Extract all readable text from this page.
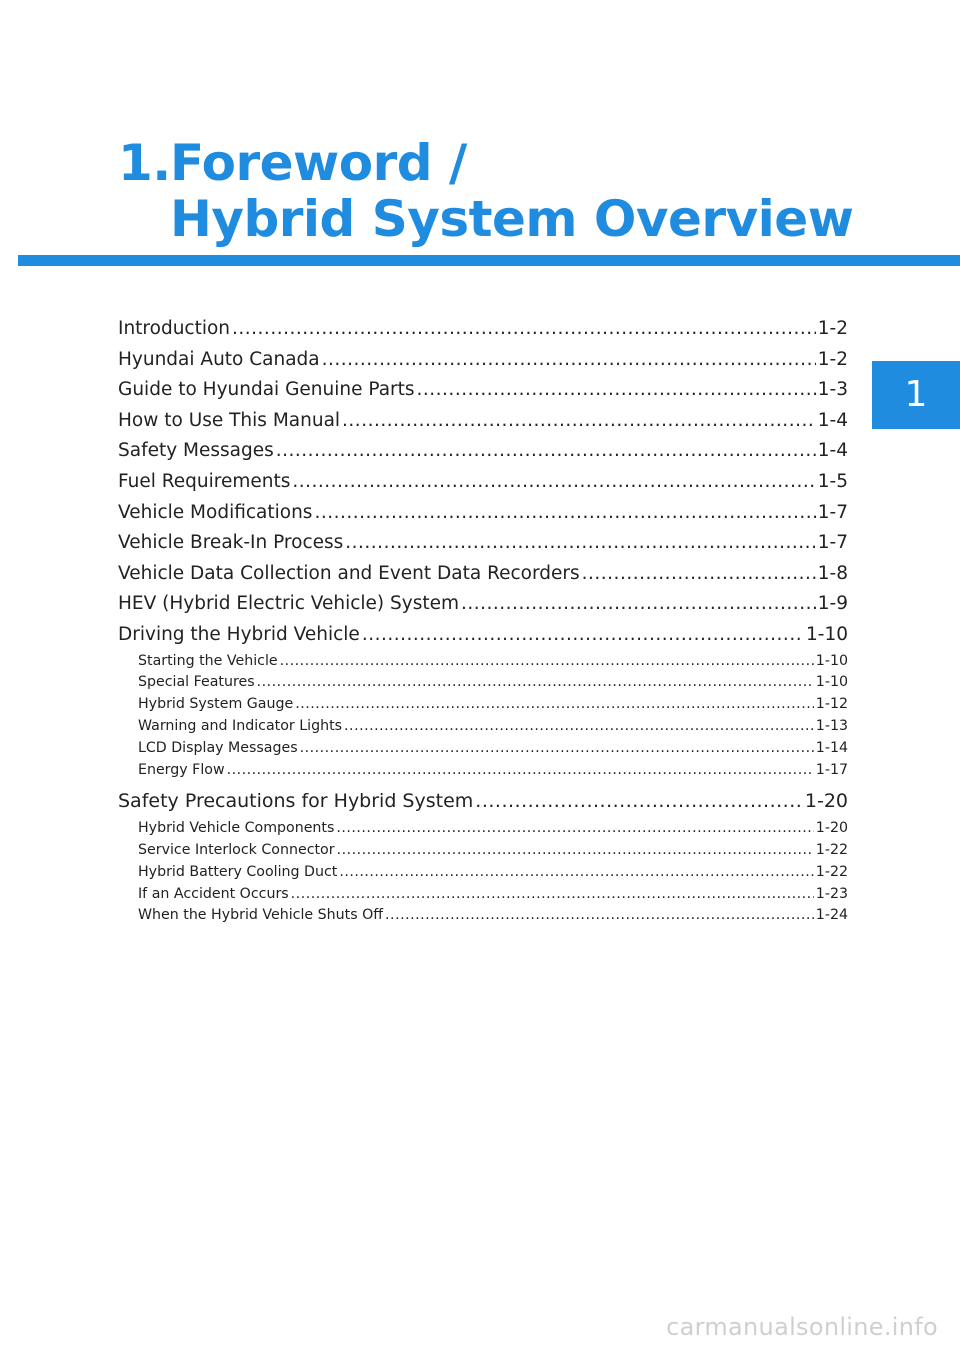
1. Foreword /
Hybrid System Overview
1
Introduction .....	1-2
Hyundai Auto Canada .....	1-2
Guide to Hyundai Genuine Parts .....	1-3
How to Use This Manual .....	1-4
Safety Messages .....	1-4
Fuel Requirements .....	1-5
Vehicle Modifications .....	1-7
Vehicle Break-In Process .....	1-7
Vehicle Data Collection and Event Data Recorders .....	1-8
HEV (Hybrid Electric Vehicle) System .....	1-9
Driving the Hybrid Vehicle .....	1-10
Starting the Vehicle .....	1-10
Special Features .....	1-10
Hybrid System Gauge .....	1-12
Warning and Indicator Lights .....	1-13
LCD Display Messages .....	1-14
Energy Flow .....	1-17
Safety Precautions for Hybrid System .....	1-20
Hybrid Vehicle Components .....	1-20
Service Interlock Connector .....	1-22
Hybrid Battery Cooling Duct .....	1-22
If an Accident Occurs .....	1-23
When the Hybrid Vehicle Shuts Off .....	1-24
carmanualsonline.info
